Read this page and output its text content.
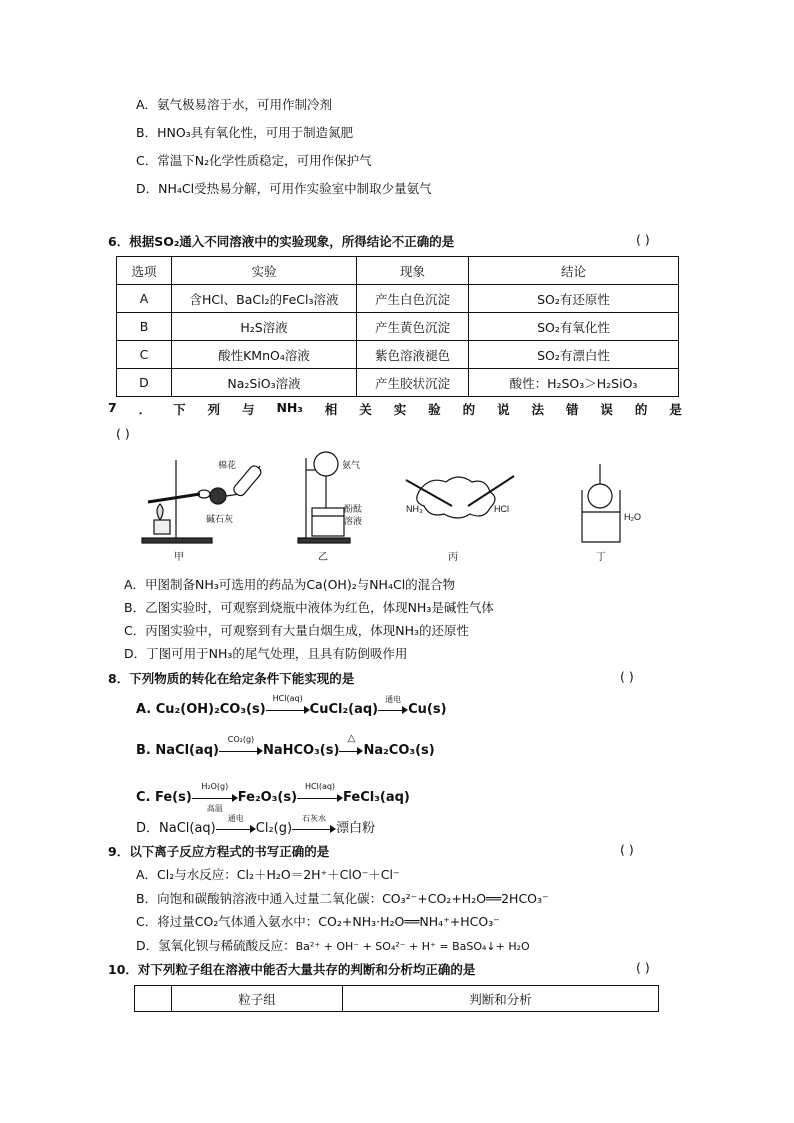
A．氨气极易溶于水，可用作制冷剂
B．HNO₃具有氧化性，可用于制造氮肥
C．常温下N₂化学性质稳定，可用作保护气
D．NH₄Cl受热易分解，可用作实验室中制取少量氨气
6．根据SO₂通入不同溶液中的实验现象，所得结论不正确的是	( )
选项	实验	现象	结论
A	含HCl、BaCl₂的FeCl₃溶液	产生白色沉淀	SO₂有还原性
B	H₂S溶液	产生黄色沉淀	SO₂有氧化性
C	酸性KMnO₄溶液	紫色溶液褪色	SO₂有漂白性
D	Na₂SiO₃溶液	产生胶状沉淀	酸性：H₂SO₃＞H₂SiO₃
7 ． 下 列 与 NH₃ 相 关 实 验 的 说 法 错 误 的 是
( )
棉花
碱石灰
甲
氨气
酚酞
溶液
乙
NH₃	HCl
丙
H₂O
丁
A．甲图制备NH₃可选用的药品为Ca(OH)₂与NH₄Cl的混合物
B．乙图实验时，可观察到烧瓶中液体为红色，体现NH₃是碱性气体
C．丙图实验中，可观察到有大量白烟生成，体现NH₃的还原性
D．丁图可用于NH₃的尾气处理，且具有防倒吸作用
8．下列物质的转化在给定条件下能实现的是	( )
A. Cu₂(OH)₂CO₃(s)
HCl(aq)
CuCl₂(aq)
通电
Cu(s)
B. NaCl(aq)
CO₂(g)
NaHCO₃(s)
△
Na₂CO₃(s)
C. Fe(s)
H₂O(g)
高温
Fe₂O₃(s)
HCl(aq)
FeCl₃(aq)
D．NaCl(aq)
通电
Cl₂(g)
石灰水
漂白粉
9．以下离子反应方程式的书写正确的是	( )
A．Cl₂与水反应：Cl₂＋H₂O＝2H⁺＋ClO⁻＋Cl⁻
B．向饱和碳酸钠溶液中通入过量二氧化碳：CO₃²⁻+CO₂+H₂O══2HCO₃⁻
C．将过量CO₂气体通入氨水中：CO₂+NH₃·H₂O══NH₄⁺+HCO₃⁻
D．氢氧化钡与稀硫酸反应：Ba²⁺ + OH⁻ + SO₄²⁻ + H⁺ = BaSO₄↓+ H₂O
10．对下列粒子组在溶液中能否大量共存的判断和分析均正确的是	( )
	粒子组	判断和分析
